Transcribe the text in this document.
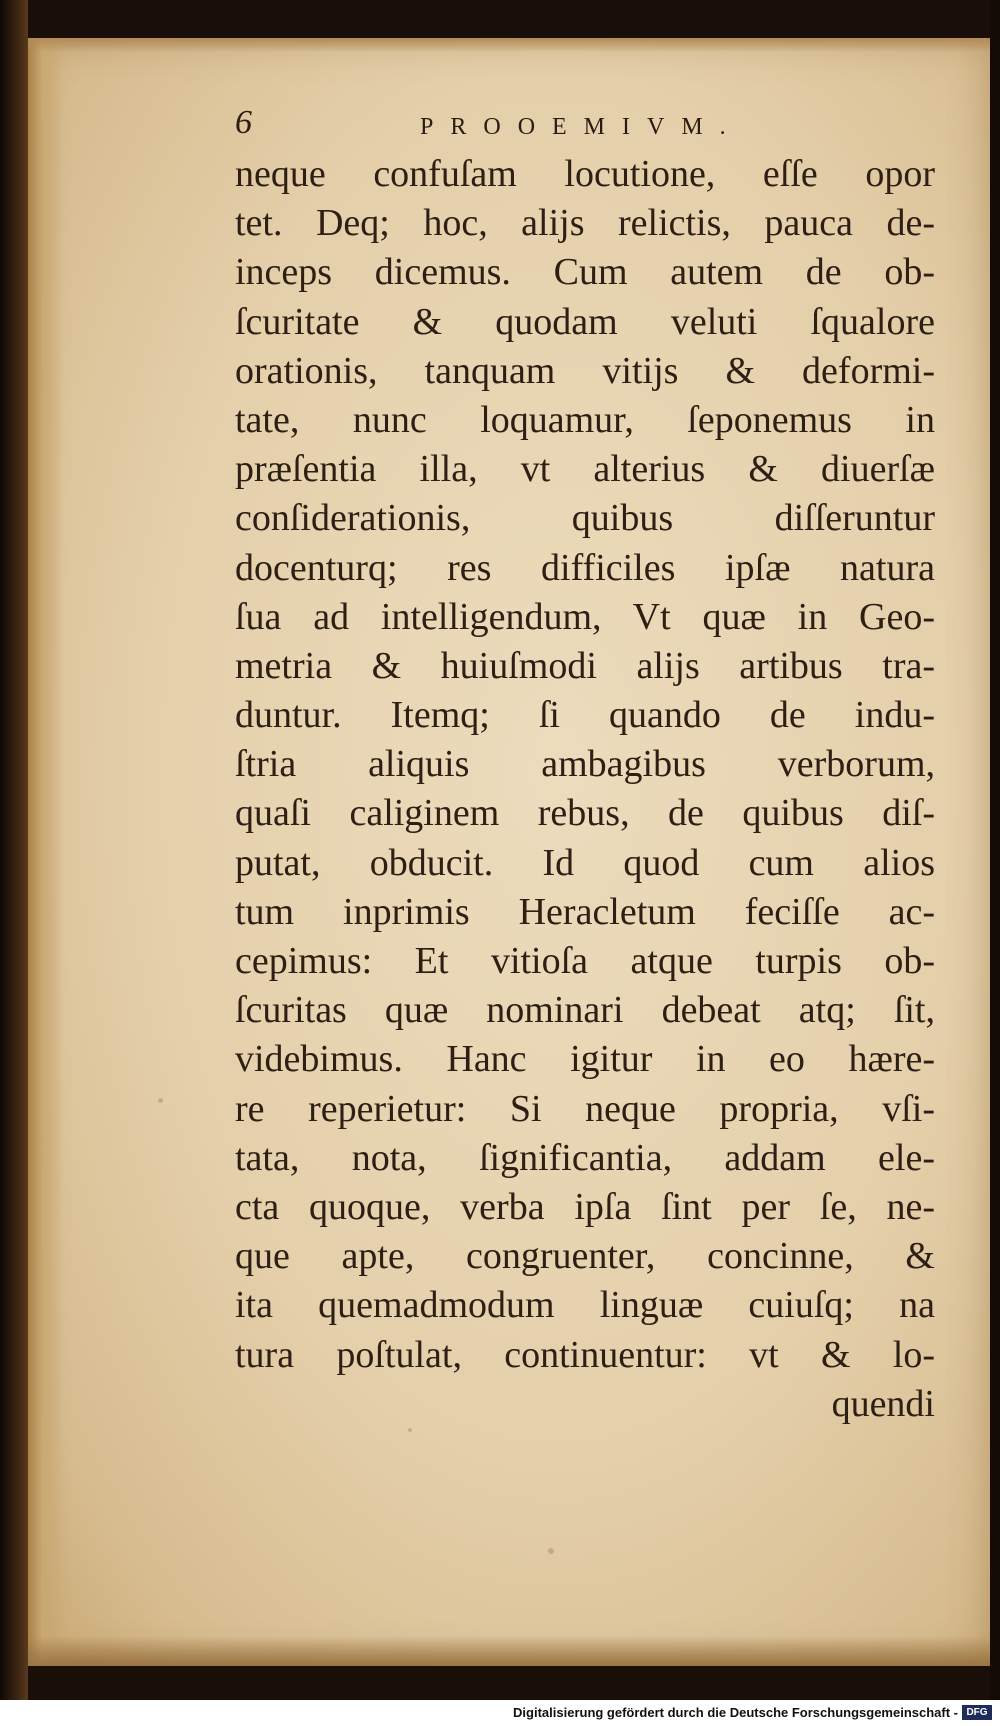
6	PROOEMIVM.
neque confuſam locutione, eſſe opor
tet. Deq; hoc, alijs relictis, pauca de-
inceps dicemus. Cum autem de ob-
ſcuritate & quodam veluti ſqualore
orationis, tanquam vitijs & deformi-
tate, nunc loquamur, ſeponemus in
præſentia illa, vt alterius & diuerſæ
conſiderationis, quibus diſſeruntur
docenturq; res difficiles ipſæ natura
ſua ad intelligendum, Vt quæ in Geo-
metria & huiuſmodi alijs artibus tra-
duntur. Itemq; ſi quando de indu-
ſtria aliquis ambagibus verborum,
quaſi caliginem rebus, de quibus diſ-
putat, obducit. Id quod cum alios
tum inprimis Heracletum feciſſe ac-
cepimus: Et vitioſa atque turpis ob-
ſcuritas quæ nominari debeat atq; ſit,
videbimus. Hanc igitur in eo hære-
re reperietur: Si neque propria, vſi-
tata, nota, ſignificantia, addam ele-
cta quoque, verba ipſa ſint per ſe, ne-
que apte, congruenter, concinne, &
ita quemadmodum linguæ cuiuſq; na
tura poſtulat, continuentur: vt & lo-
quendi
Digitalisierung gefördert durch die Deutsche Forschungsgemeinschaft - DFG
